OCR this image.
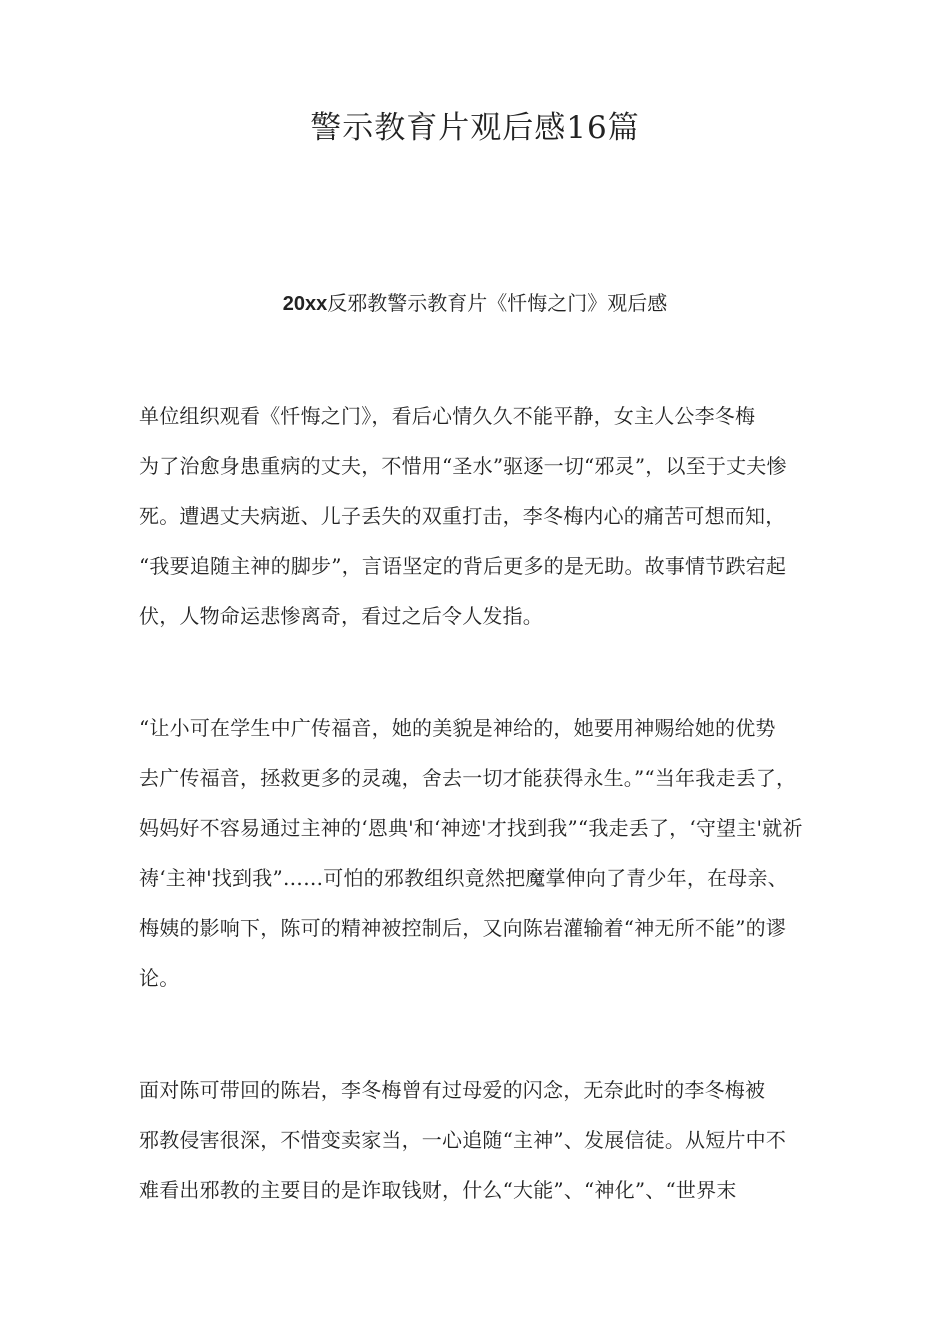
警示教育片观后感16篇
20xx反邪教警示教育片《忏悔之门》观后感
单位组织观看《忏悔之门》，看后心情久久不能平静，女主人公李冬梅
为了治愈身患重病的丈夫，不惜用“圣水”驱逐一切“邪灵”，以至于丈夫惨
死。遭遇丈夫病逝、儿子丢失的双重打击，李冬梅内心的痛苦可想而知，
“我要追随主神的脚步”，言语坚定的背后更多的是无助。故事情节跌宕起
伏，人物命运悲惨离奇，看过之后令人发指。
“让小可在学生中广传福音，她的美貌是神给的，她要用神赐给她的优势
去广传福音，拯救更多的灵魂，舍去一切才能获得永生。”“当年我走丢了，
妈妈好不容易通过主神的‘恩典'和‘神迹'才找到我”“我走丢了，‘守望主'就祈
祷‘主神'找到我”……可怕的邪教组织竟然把魔掌伸向了青少年，在母亲、
梅姨的影响下，陈可的精神被控制后，又向陈岩灌输着“神无所不能”的谬
论。
面对陈可带回的陈岩，李冬梅曾有过母爱的闪念，无奈此时的李冬梅被
邪教侵害很深，不惜变卖家当，一心追随“主神”、发展信徒。从短片中不
难看出邪教的主要目的是诈取钱财，什么“大能”、“神化”、“世界末
